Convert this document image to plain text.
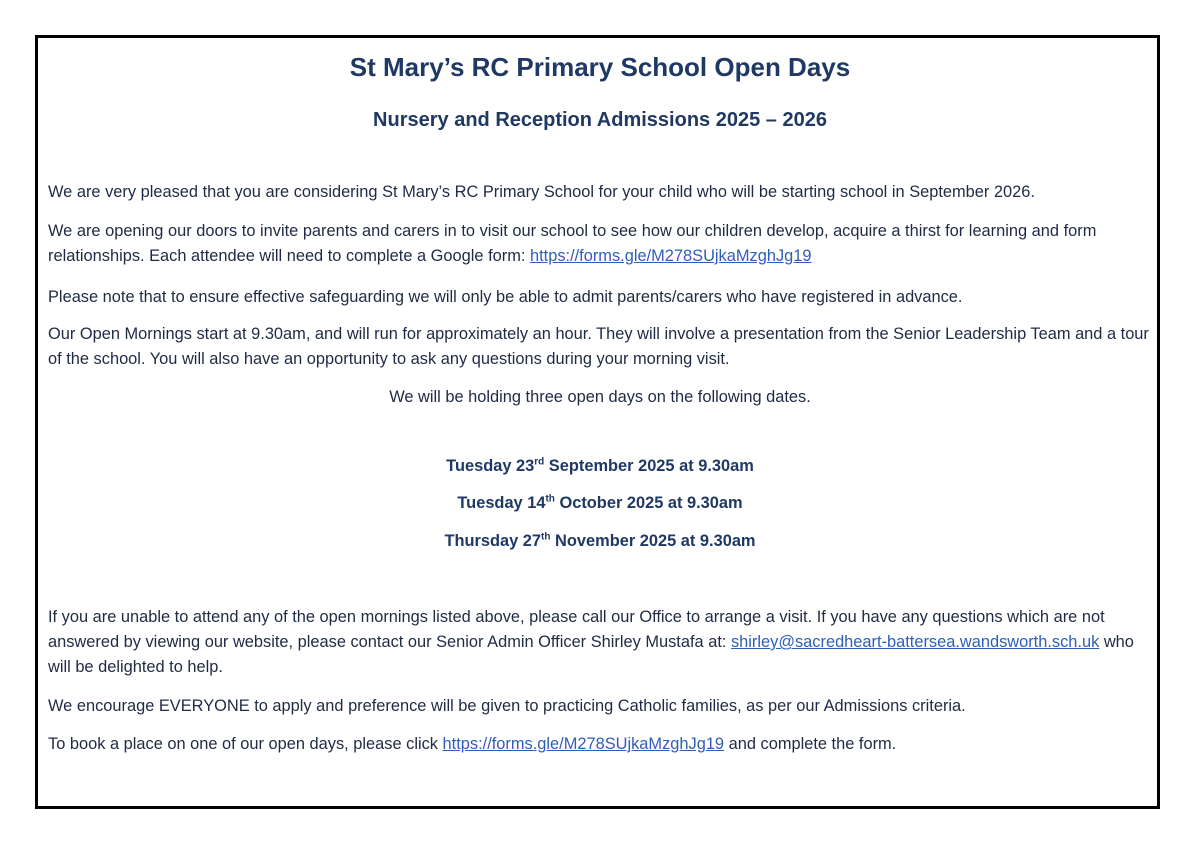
St Mary’s RC Primary School Open Days
Nursery and Reception Admissions 2025 – 2026
We are very pleased that you are considering St Mary’s RC Primary School for your child who will be starting school in September 2026.
We are opening our doors to invite parents and carers in to visit our school to see how our children develop, acquire a thirst for learning and form relationships. Each attendee will need to complete a Google form: https://forms.gle/M278SUjkaMzghJg19
Please note that to ensure effective safeguarding we will only be able to admit parents/carers who have registered in advance.
Our Open Mornings start at 9.30am, and will run for approximately an hour. They will involve a presentation from the Senior Leadership Team and a tour of the school. You will also have an opportunity to ask any questions during your morning visit.
We will be holding three open days on the following dates.
Tuesday 23rd September 2025 at 9.30am
Tuesday 14th October 2025 at 9.30am
Thursday 27th November 2025 at 9.30am
If you are unable to attend any of the open mornings listed above, please call our Office to arrange a visit. If you have any questions which are not answered by viewing our website, please contact our Senior Admin Officer Shirley Mustafa at: shirley@sacredheart-battersea.wandsworth.sch.uk who will be delighted to help.
We encourage EVERYONE to apply and preference will be given to practicing Catholic families, as per our Admissions criteria.
To book a place on one of our open days, please click https://forms.gle/M278SUjkaMzghJg19 and complete the form.
